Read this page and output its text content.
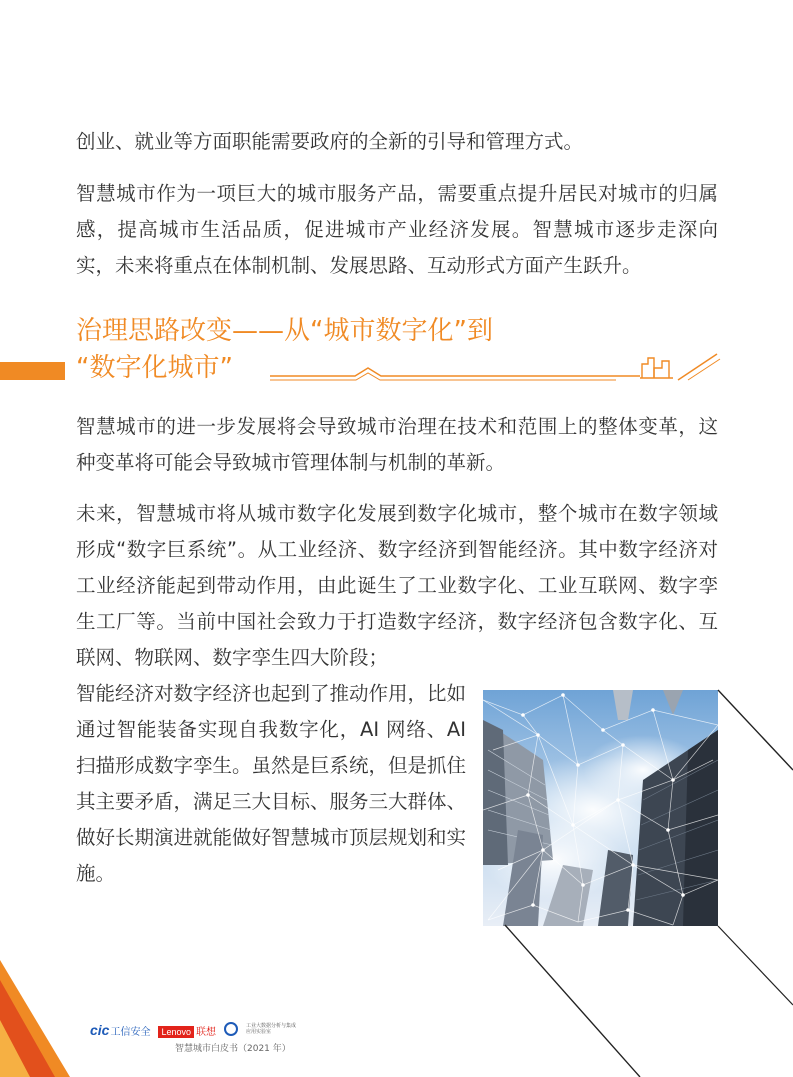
创业、就业等方面职能需要政府的全新的引导和管理方式。

智慧城市作为一项巨大的城市服务产品，需要重点提升居民对城市的归属感，提高城市生活品质，促进城市产业经济发展。智慧城市逐步走深向实，未来将重点在体制机制、发展思路、互动形式方面产生跃升。

治理思路改变——从“城市数字化”到
“数字化城市”

智慧城市的进一步发展将会导致城市治理在技术和范围上的整体变革，这种变革将可能会导致城市管理体制与机制的革新。

未来，智慧城市将从城市数字化发展到数字化城市，整个城市在数字领域形成“数字巨系统”。从工业经济、数字经济到智能经济。其中数字经济对工业经济能起到带动作用，由此诞生了工业数字化、工业互联网、数字孪生工厂等。当前中国社会致力于打造数字经济，数字经济包含数字化、互联网、物联网、数字孪生四大阶段；

智能经济对数字经济也起到了推动作用，比如通过智能装备实现自我数字化，AI 网络、AI 扫描形成数字孪生。虽然是巨系统，但是抓住其主要矛盾，满足三大目标、服务三大群体、做好长期演进就能做好智慧城市顶层规划和实施。

60
cic工信安全	Lenovo 联想
工业大数据分析与集成应用实验室
智慧城市白皮书（2021 年）
